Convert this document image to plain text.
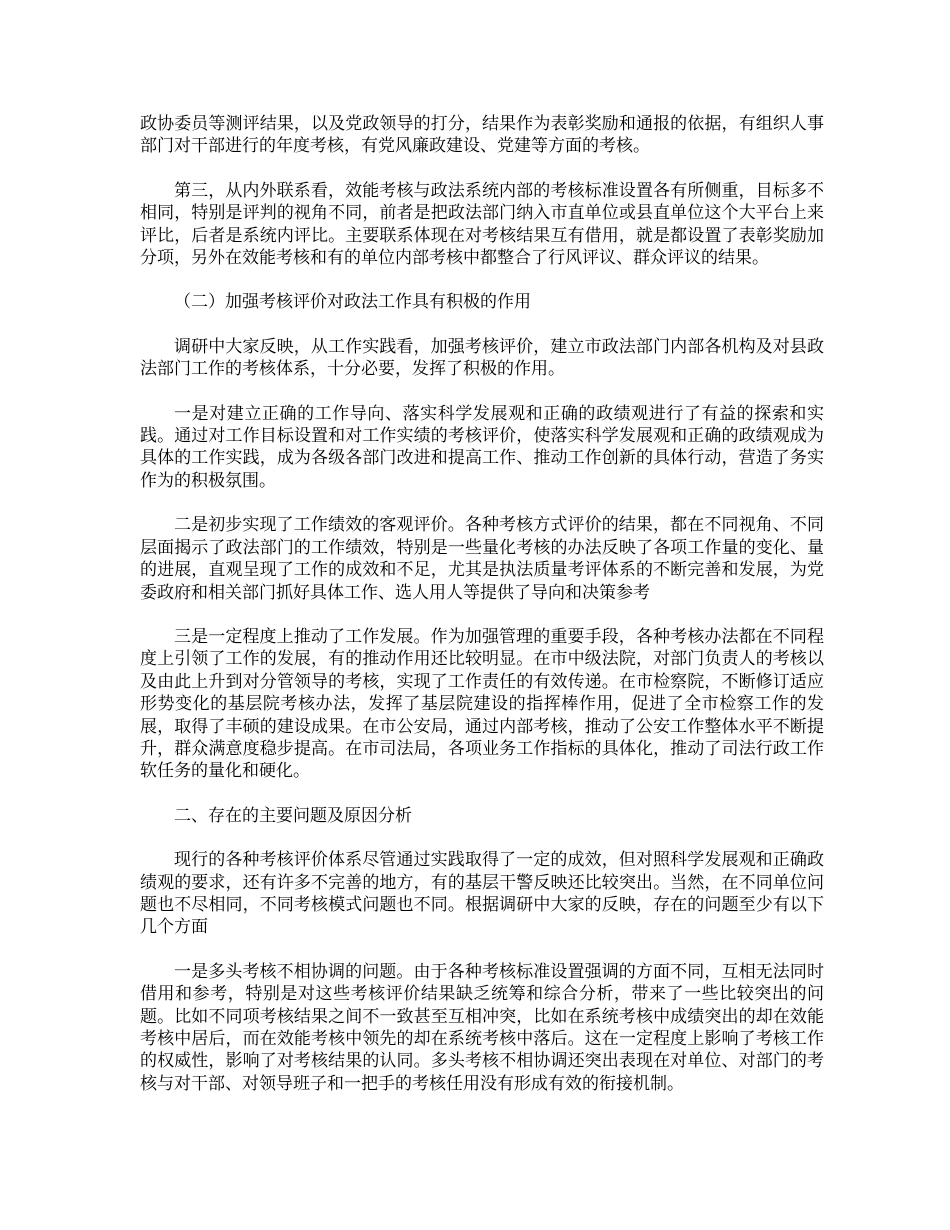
政协委员等测评结果，以及党政领导的打分，结果作为表彰奖励和通报的依据，有组织人事部门对干部进行的年度考核，有党风廉政建设、党建等方面的考核。

第三，从内外联系看，效能考核与政法系统内部的考核标准设置各有所侧重，目标多不相同，特别是评判的视角不同，前者是把政法部门纳入市直单位或县直单位这个大平台上来评比，后者是系统内评比。主要联系体现在对考核结果互有借用，就是都设置了表彰奖励加分项，另外在效能考核和有的单位内部考核中都整合了行风评议、群众评议的结果。

（二）加强考核评价对政法工作具有积极的作用

调研中大家反映，从工作实践看，加强考核评价，建立市政法部门内部各机构及对县政法部门工作的考核体系，十分必要，发挥了积极的作用。

一是对建立正确的工作导向、落实科学发展观和正确的政绩观进行了有益的探索和实践。通过对工作目标设置和对工作实绩的考核评价，使落实科学发展观和正确的政绩观成为具体的工作实践，成为各级各部门改进和提高工作、推动工作创新的具体行动，营造了务实作为的积极氛围。

二是初步实现了工作绩效的客观评价。各种考核方式评价的结果，都在不同视角、不同层面揭示了政法部门的工作绩效，特别是一些量化考核的办法反映了各项工作量的变化、量的进展，直观呈现了工作的成效和不足，尤其是执法质量考评体系的不断完善和发展，为党委政府和相关部门抓好具体工作、选人用人等提供了导向和决策参考

三是一定程度上推动了工作发展。作为加强管理的重要手段，各种考核办法都在不同程度上引领了工作的发展，有的推动作用还比较明显。在市中级法院，对部门负责人的考核以及由此上升到对分管领导的考核，实现了工作责任的有效传递。在市检察院，不断修订适应形势变化的基层院考核办法，发挥了基层院建设的指挥棒作用，促进了全市检察工作的发展，取得了丰硕的建设成果。在市公安局，通过内部考核，推动了公安工作整体水平不断提升，群众满意度稳步提高。在市司法局，各项业务工作指标的具体化，推动了司法行政工作软任务的量化和硬化。

二、存在的主要问题及原因分析

现行的各种考核评价体系尽管通过实践取得了一定的成效，但对照科学发展观和正确政绩观的要求，还有许多不完善的地方，有的基层干警反映还比较突出。当然，在不同单位问题也不尽相同，不同考核模式问题也不同。根据调研中大家的反映，存在的问题至少有以下几个方面

一是多头考核不相协调的问题。由于各种考核标准设置强调的方面不同，互相无法同时借用和参考，特别是对这些考核评价结果缺乏统筹和综合分析，带来了一些比较突出的问题。比如不同项考核结果之间不一致甚至互相冲突，比如在系统考核中成绩突出的却在效能考核中居后，而在效能考核中领先的却在系统考核中落后。这在一定程度上影响了考核工作的权威性，影响了对考核结果的认同。多头考核不相协调还突出表现在对单位、对部门的考核与对干部、对领导班子和一把手的考核任用没有形成有效的衔接机制。
